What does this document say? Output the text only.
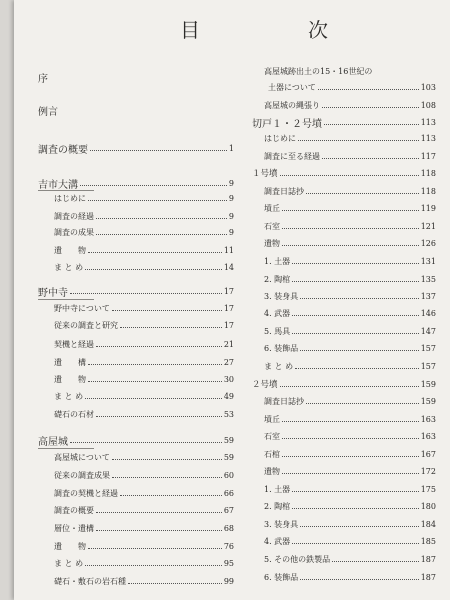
目　次
序
例言
調査の概要	1
吉市大溝	9
はじめに	9
調査の経過	9
調査の成果	9
遺　　物	11
ま と め	14
野中寺	17
野中寺について	17
従来の調査と研究	17
契機と経過	21
遺　　構	27
遺　　物	30
ま と め	49
礎石の石材	53
高屋城	59
高屋城について	59
従来の調査成果	60
調査の契機と経過	66
調査の概要	67
層位・遺構	68
遺　　物	76
ま と め	95
礎石・敷石の岩石種	99
高屋城跡出土の15・16世紀の
土器について	103
高屋城の縄張り	108
切戸１・２号墳	113
はじめに	113
調査に至る経過	117
１号墳	118
調査日誌抄	118
墳丘	119
石室	121
遺物	126
1. 土器	131
2. 陶棺	135
3. 装身具	137
4. 武器	146
5. 馬具	147
6. 装飾品	157
ま と め	157
２号墳	159
調査日誌抄	159
墳丘	163
石室	163
石棺	167
遺物	172
1. 土器	175
2. 陶棺	180
3. 装身具	184
4. 武器	185
5. その他の鉄製品	187
6. 装飾品	187
